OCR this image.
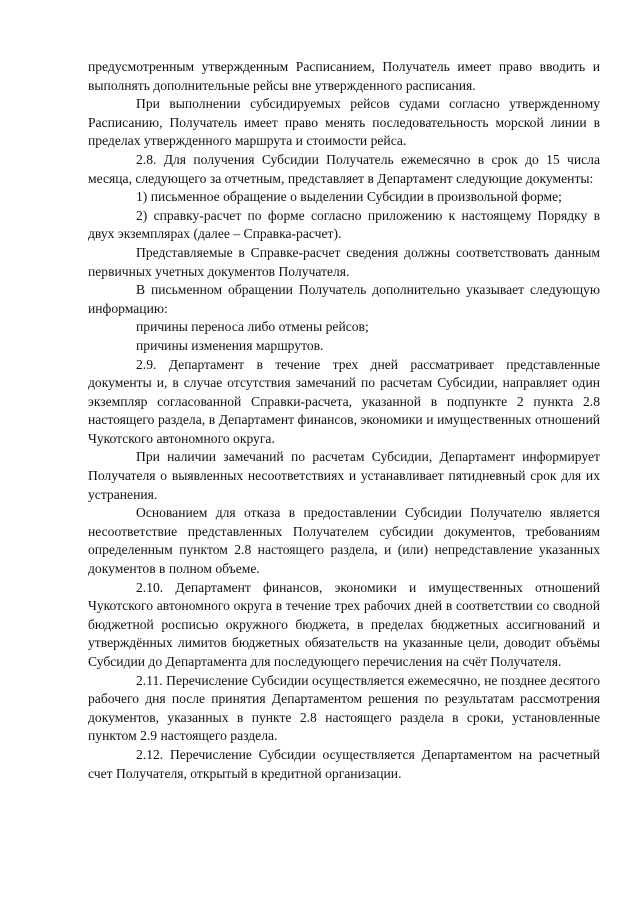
предусмотренным утвержденным Расписанием, Получатель имеет право вводить и выполнять дополнительные рейсы вне утвержденного расписания.

При выполнении субсидируемых рейсов судами согласно утвержденному Расписанию, Получатель имеет право менять последовательность морской линии в пределах утвержденного маршрута и стоимости рейса.

2.8. Для получения Субсидии Получатель ежемесячно в срок до 15 числа месяца, следующего за отчетным, представляет в Департамент следующие документы:

1) письменное обращение о выделении Субсидии в произвольной форме;

2) справку-расчет по форме согласно приложению к настоящему Порядку в двух экземплярах (далее – Справка-расчет).

Представляемые в Справке-расчет сведения должны соответствовать данным первичных учетных документов Получателя.

В письменном обращении Получатель дополнительно указывает следующую информацию:

причины переноса либо отмены рейсов;

причины изменения маршрутов.

2.9. Департамент в течение трех дней рассматривает представленные документы и, в случае отсутствия замечаний по расчетам Субсидии, направляет один экземпляр согласованной Справки-расчета, указанной в подпункте 2 пункта 2.8 настоящего раздела, в Департамент финансов, экономики и имущественных отношений Чукотского автономного округа.

При наличии замечаний по расчетам Субсидии, Департамент информирует Получателя о выявленных несоответствиях и устанавливает пятидневный срок для их устранения.

Основанием для отказа в предоставлении Субсидии Получателю является несоответствие представленных Получателем субсидии документов, требованиям определенным пунктом 2.8 настоящего раздела, и (или) непредставление указанных документов в полном объеме.

2.10. Департамент финансов, экономики и имущественных отношений Чукотского автономного округа в течение трех рабочих дней в соответствии со сводной бюджетной росписью окружного бюджета, в пределах бюджетных ассигнований и утверждённых лимитов бюджетных обязательств на указанные цели, доводит объёмы Субсидии до Департамента для последующего перечисления на счёт Получателя.

2.11. Перечисление Субсидии осуществляется ежемесячно, не позднее десятого рабочего дня после принятия Департаментом решения по результатам рассмотрения документов, указанных в пункте 2.8 настоящего раздела в сроки, установленные пунктом 2.9 настоящего раздела.

2.12. Перечисление Субсидии осуществляется Департаментом на расчетный счет Получателя, открытый в кредитной организации.
